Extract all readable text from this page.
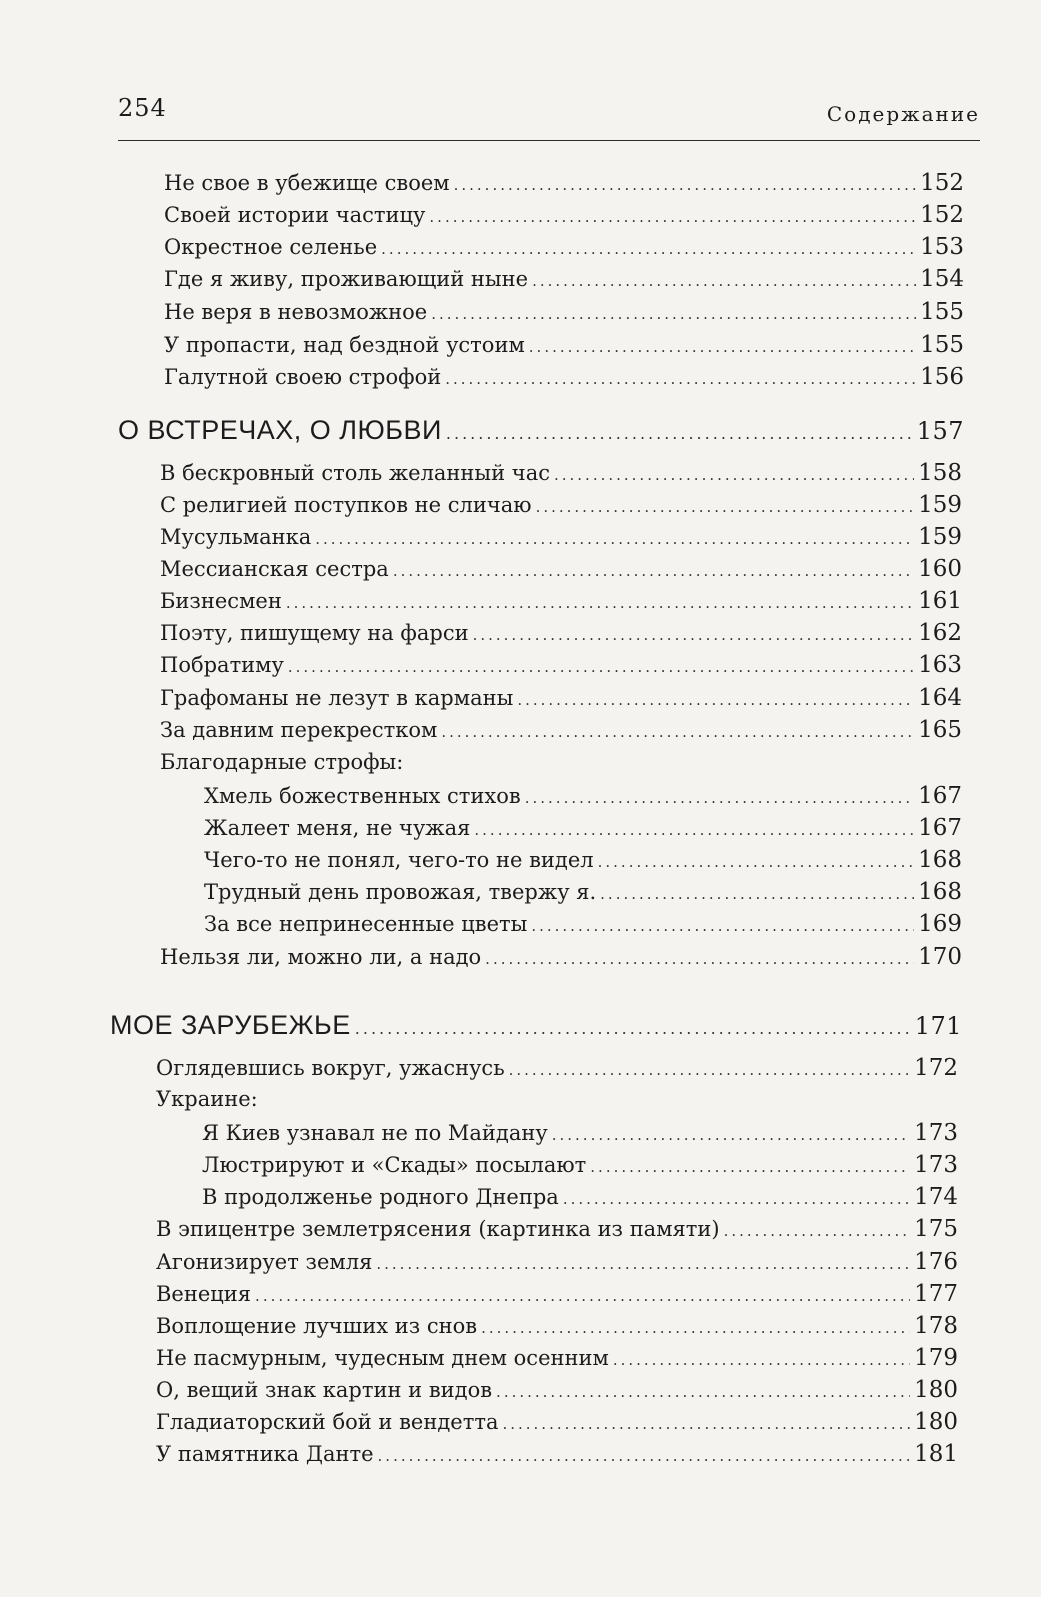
254	Содержание
Не свое в убежище своем .....	152
Своей истории частицу .....	152
Окрестное селенье .....	153
Где я живу, проживающий ныне .....	154
Не веря в невозможное .....	155
У пропасти, над бездной устоим .....	155
Галутной своею строфой .....	156
О ВСТРЕЧАХ, О ЛЮБВИ .....	157
В бескровный столь желанный час .....	158
С религией поступков не сличаю .....	159
Мусульманка .....	159
Мессианская сестра .....	160
Бизнесмен .....	161
Поэту, пишущему на фарси .....	162
Побратиму .....	163
Графоманы не лезут в карманы .....	164
За давним перекрестком .....	165
Благодарные строфы:
Хмель божественных стихов .....	167
Жалеет меня, не чужая .....	167
Чего-то не понял, чего-то не видел .....	168
Трудный день провожая, твержу я. .....	168
За все непринесенные цветы .....	169
Нельзя ли, можно ли, а надо .....	170
МОЕ ЗАРУБЕЖЬЕ .....	171
Оглядевшись вокруг, ужаснусь .....	172
Украине:
Я Киев узнавал не по Майдану .....	173
Люстрируют и «Скады» посылают .....	173
В продолженье родного Днепра .....	174
В эпицентре землетрясения (картинка из памяти) .....	175
Агонизирует земля .....	176
Венеция .....	177
Воплощение лучших из снов .....	178
Не пасмурным, чудесным днем осенним .....	179
О, вещий знак картин и видов .....	180
Гладиаторский бой и вендетта .....	180
У памятника Данте .....	181
